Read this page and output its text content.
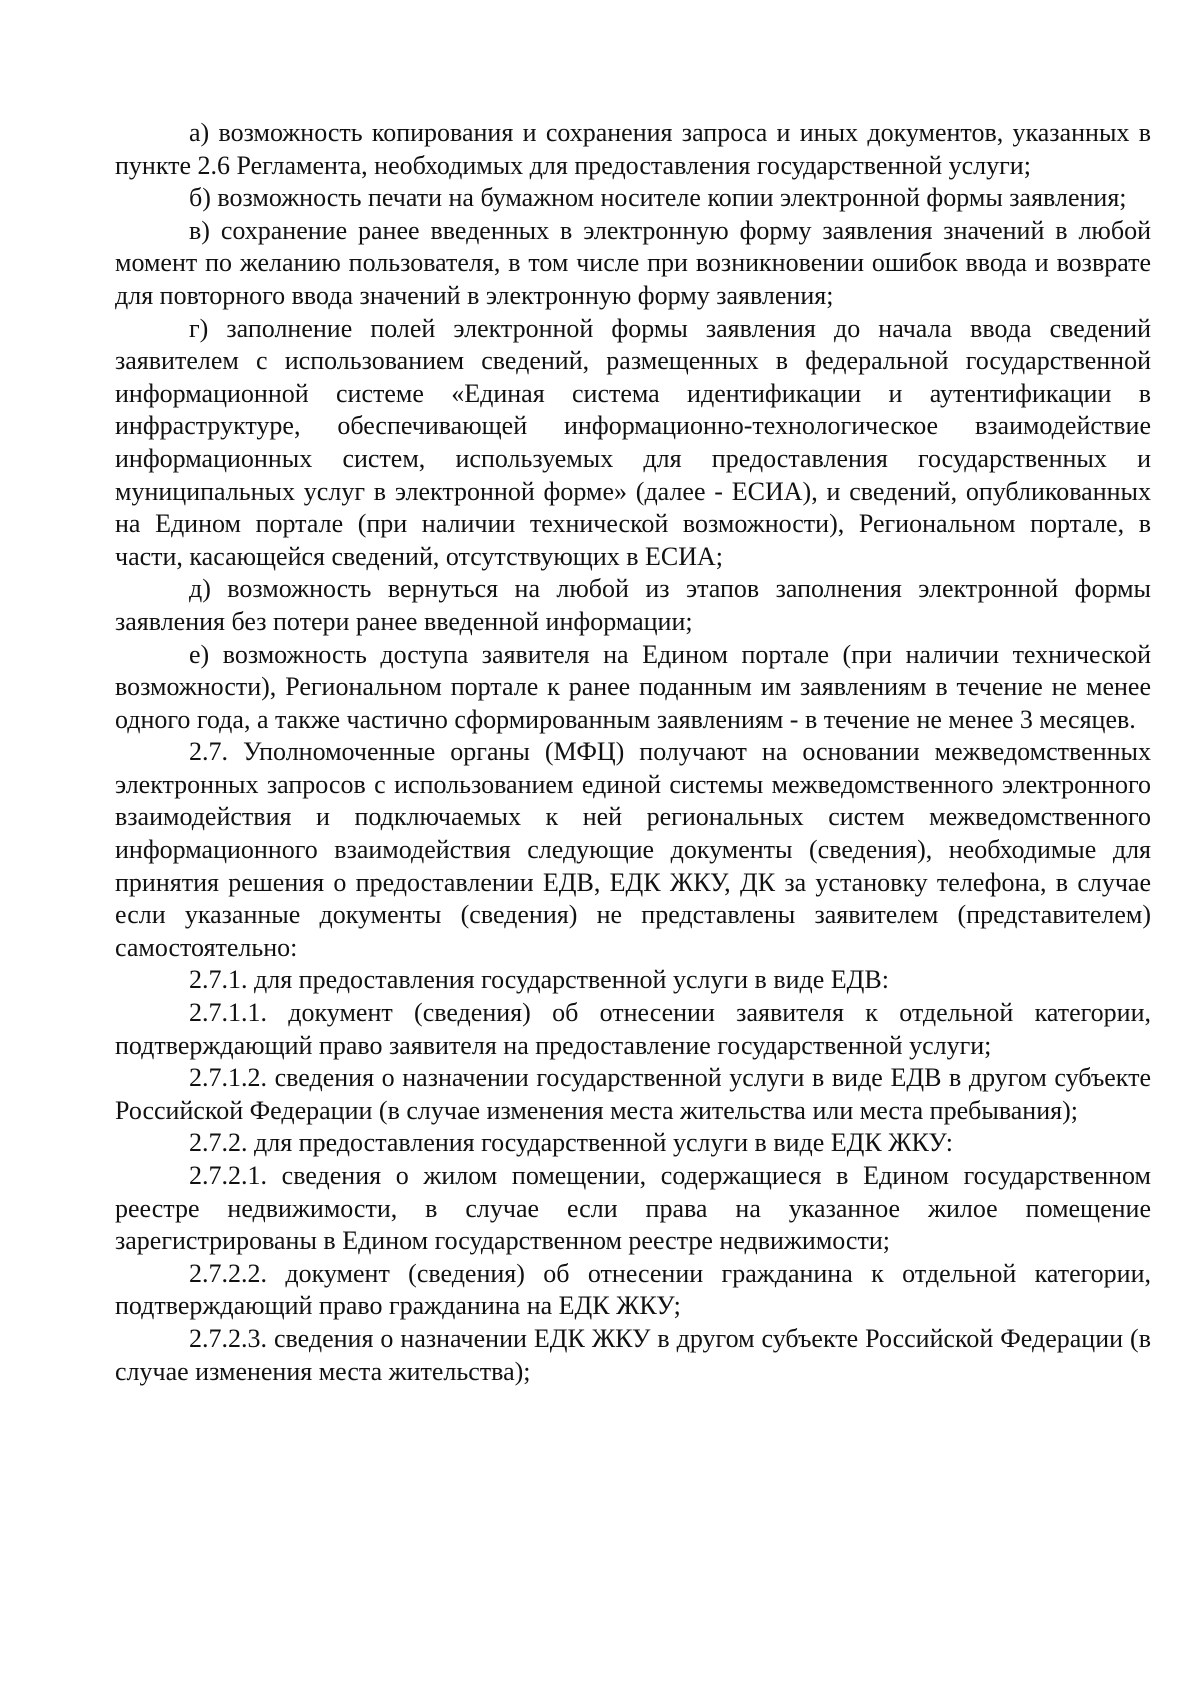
а) возможность копирования и сохранения запроса и иных документов, указанных в пункте 2.6 Регламента, необходимых для предоставления государственной услуги;

б) возможность печати на бумажном носителе копии электронной формы заявления;

в) сохранение ранее введенных в электронную форму заявления значений в любой момент по желанию пользователя, в том числе при возникновении ошибок ввода и возврате для повторного ввода значений в электронную форму заявления;

г) заполнение полей электронной формы заявления до начала ввода сведений заявителем с использованием сведений, размещенных в федеральной государственной информационной системе «Единая система идентификации и аутентификации в инфраструктуре, обеспечивающей информационно-технологическое взаимодействие информационных систем, используемых для предоставления государственных и муниципальных услуг в электронной форме» (далее - ЕСИА), и сведений, опубликованных на Едином портале (при наличии технической возможности), Региональном портале, в части, касающейся сведений, отсутствующих в ЕСИА;

д) возможность вернуться на любой из этапов заполнения электронной формы заявления без потери ранее введенной информации;

е) возможность доступа заявителя на Едином портале (при наличии технической возможности), Региональном портале к ранее поданным им заявлениям в течение не менее одного года, а также частично сформированным заявлениям - в течение не менее 3 месяцев.

2.7. Уполномоченные органы (МФЦ) получают на основании межведомственных электронных запросов с использованием единой системы межведомственного электронного взаимодействия и подключаемых к ней региональных систем межведомственного информационного взаимодействия следующие документы (сведения), необходимые для принятия решения о предоставлении ЕДВ, ЕДК ЖКУ, ДК за установку телефона, в случае если указанные документы (сведения) не представлены заявителем (представителем) самостоятельно:

2.7.1. для предоставления государственной услуги в виде ЕДВ:

2.7.1.1. документ (сведения) об отнесении заявителя к отдельной категории, подтверждающий право заявителя на предоставление государственной услуги;

2.7.1.2. сведения о назначении государственной услуги в виде ЕДВ в другом субъекте Российской Федерации (в случае изменения места жительства или места пребывания);

2.7.2. для предоставления государственной услуги в виде ЕДК ЖКУ:

2.7.2.1. сведения о жилом помещении, содержащиеся в Едином государственном реестре недвижимости, в случае если права на указанное жилое помещение зарегистрированы в Едином государственном реестре недвижимости;

2.7.2.2. документ (сведения) об отнесении гражданина к отдельной категории, подтверждающий право гражданина на ЕДК ЖКУ;

2.7.2.3. сведения о назначении ЕДК ЖКУ в другом субъекте Российской Федерации (в случае изменения места жительства);
